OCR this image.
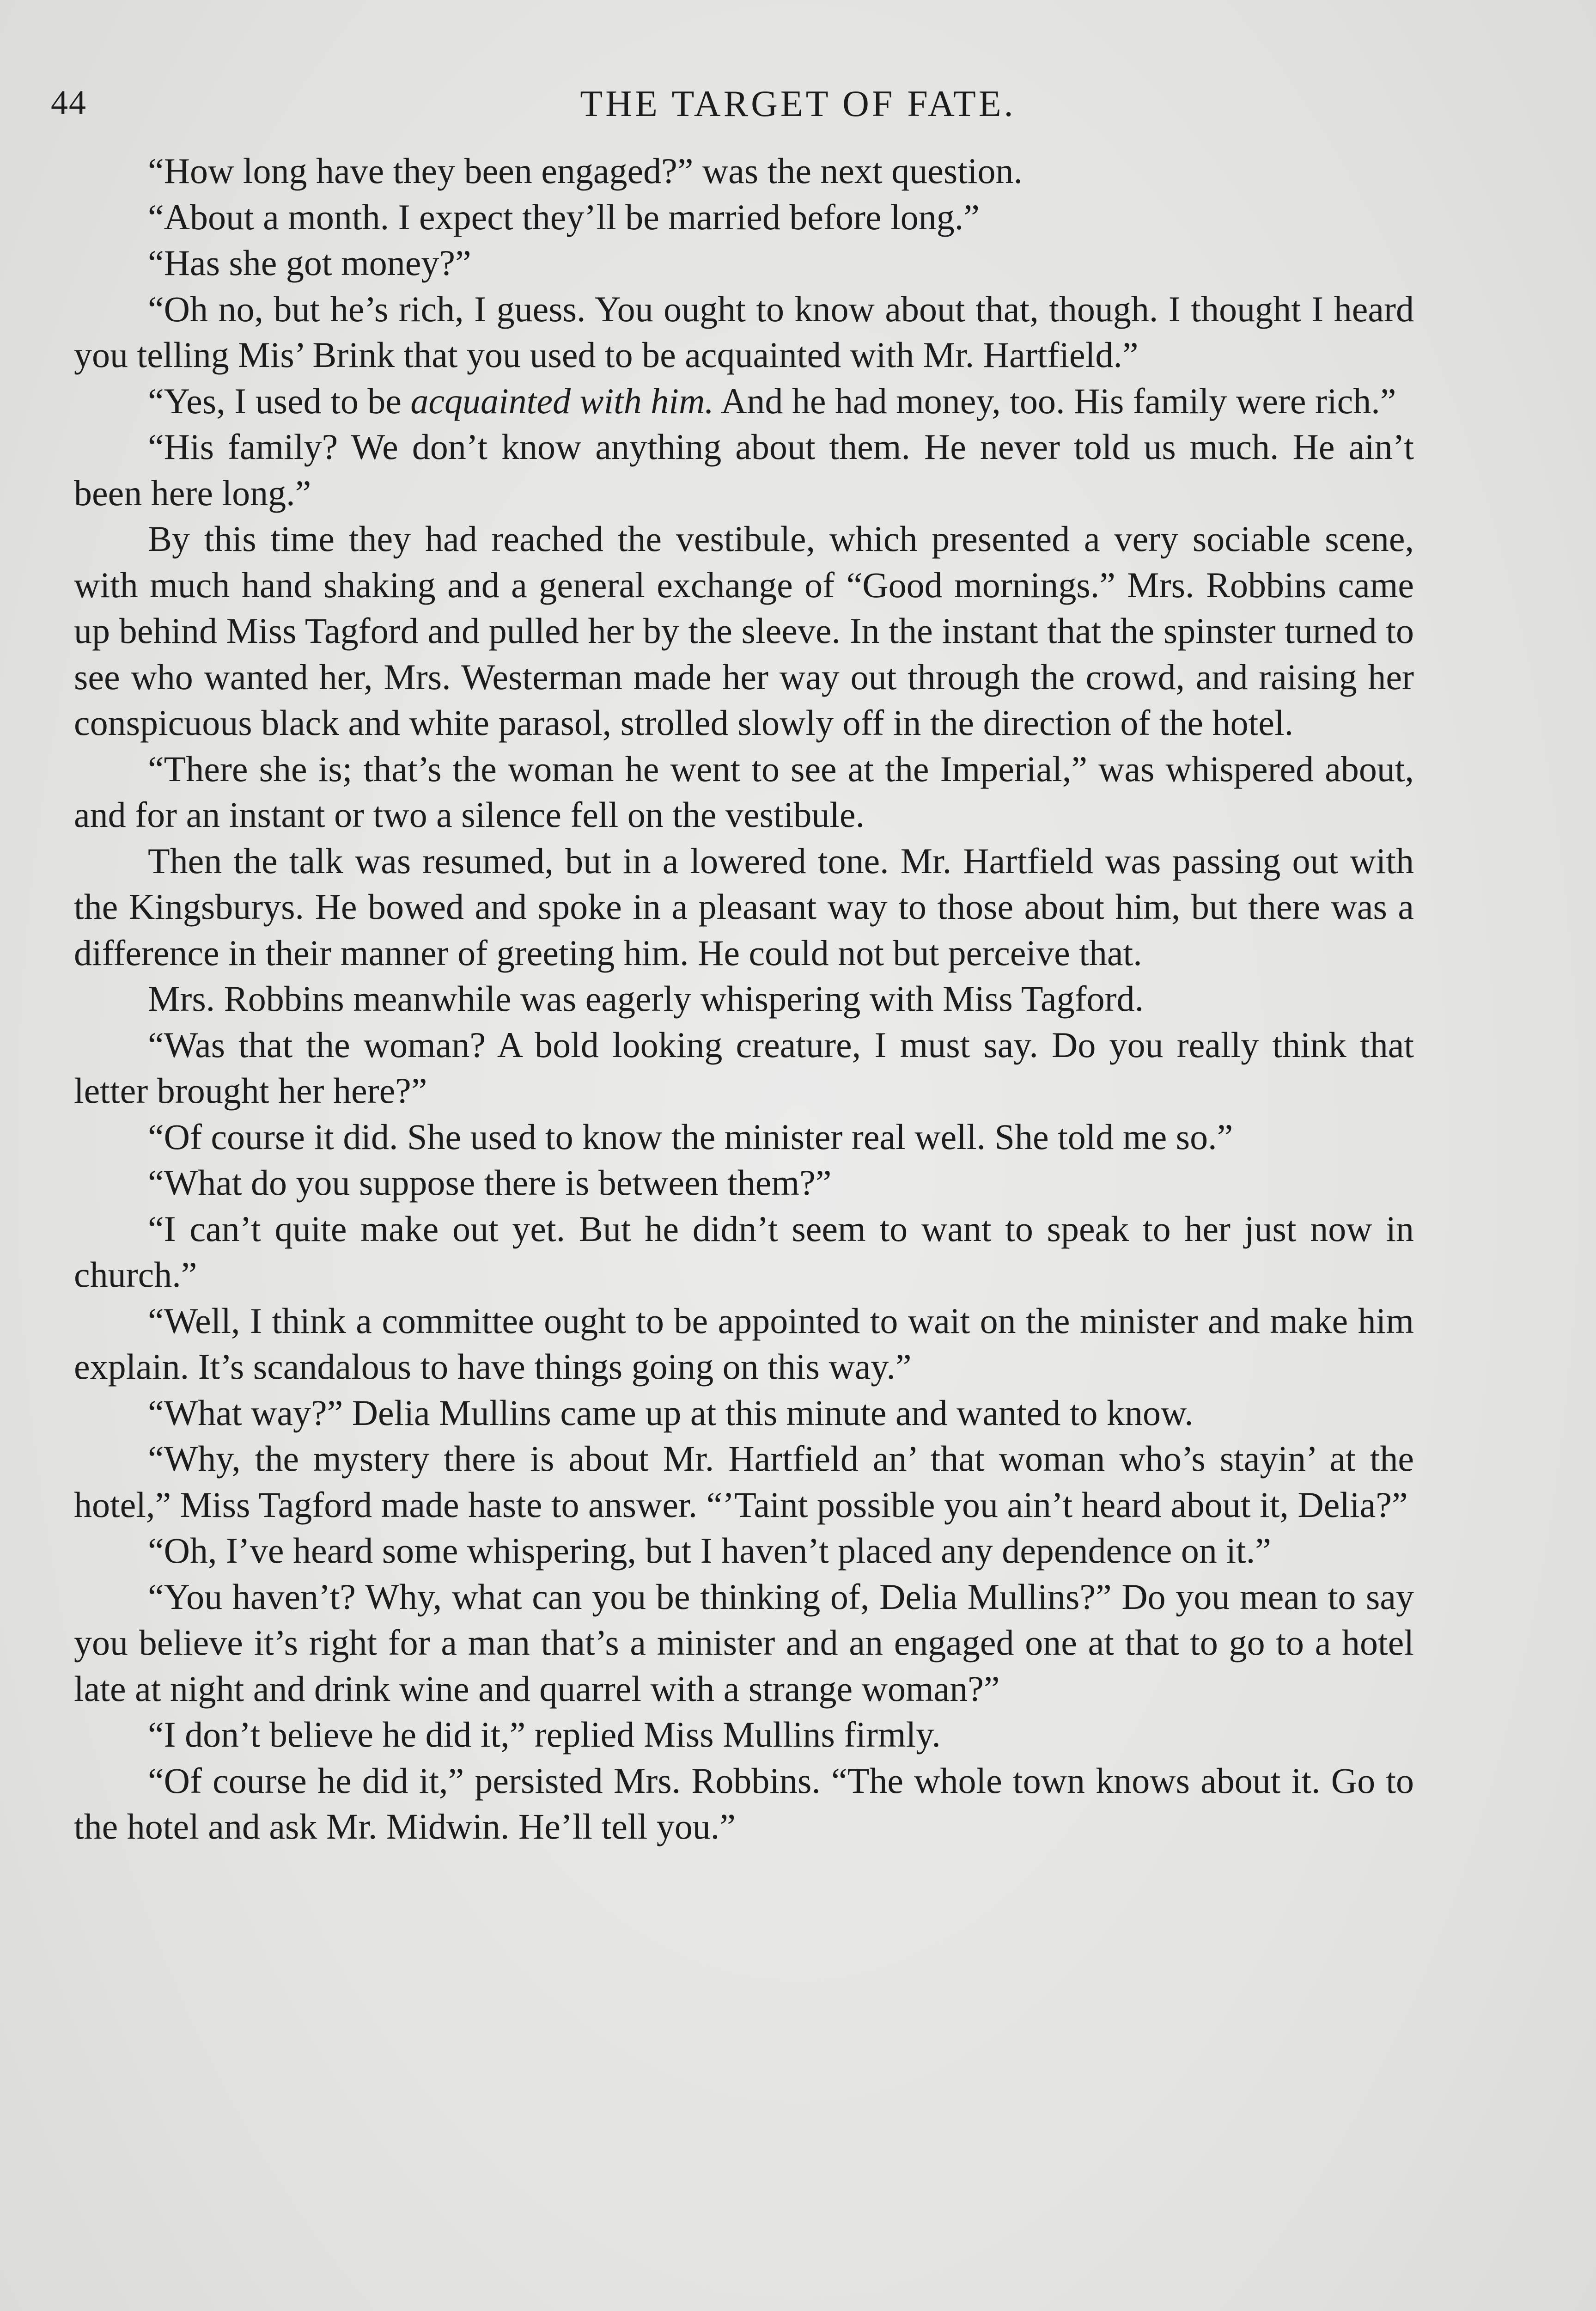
44	THE TARGET OF FATE.

“How long have they been engaged?” was the next question.

“About a month. I expect they’ll be married before long.”

“Has she got money?”

“Oh no, but he’s rich, I guess. You ought to know about that, though. I thought I heard you telling Mis’ Brink that you used to be acquainted with Mr. Hartfield.”

“Yes, I used to be acquainted with him. And he had money, too. His family were rich.”

“His family? We don’t know anything about them. He never told us much. He ain’t been here long.”

By this time they had reached the vestibule, which presented a very sociable scene, with much hand shaking and a general exchange of “Good mornings.” Mrs. Robbins came up behind Miss Tagford and pulled her by the sleeve. In the instant that the spinster turned to see who wanted her, Mrs. Westerman made her way out through the crowd, and raising her conspicuous black and white parasol, strolled slowly off in the direction of the hotel.

“There she is; that’s the woman he went to see at the Imperial,” was whispered about, and for an instant or two a silence fell on the vestibule.

Then the talk was resumed, but in a lowered tone. Mr. Hartfield was passing out with the Kingsburys. He bowed and spoke in a pleasant way to those about him, but there was a difference in their manner of greeting him. He could not but perceive that.

Mrs. Robbins meanwhile was eagerly whispering with Miss Tagford.

“Was that the woman? A bold looking creature, I must say. Do you really think that letter brought her here?”

“Of course it did. She used to know the minister real well. She told me so.”

“What do you suppose there is between them?”

“I can’t quite make out yet. But he didn’t seem to want to speak to her just now in church.”

“Well, I think a committee ought to be appointed to wait on the minister and make him explain. It’s scandalous to have things going on this way.”

“What way?” Delia Mullins came up at this minute and wanted to know.

“Why, the mystery there is about Mr. Hartfield an’ that woman who’s stayin’ at the hotel,” Miss Tagford made haste to answer. “’Taint possible you ain’t heard about it, Delia?”

“Oh, I’ve heard some whispering, but I haven’t placed any dependence on it.”

“You haven’t? Why, what can you be thinking of, Delia Mullins?” Do you mean to say you believe it’s right for a man that’s a minister and an engaged one at that to go to a hotel late at night and drink wine and quarrel with a strange woman?”

“I don’t believe he did it,” replied Miss Mullins firmly.

“Of course he did it,” persisted Mrs. Robbins. “The whole town knows about it. Go to the hotel and ask Mr. Midwin. He’ll tell you.”
